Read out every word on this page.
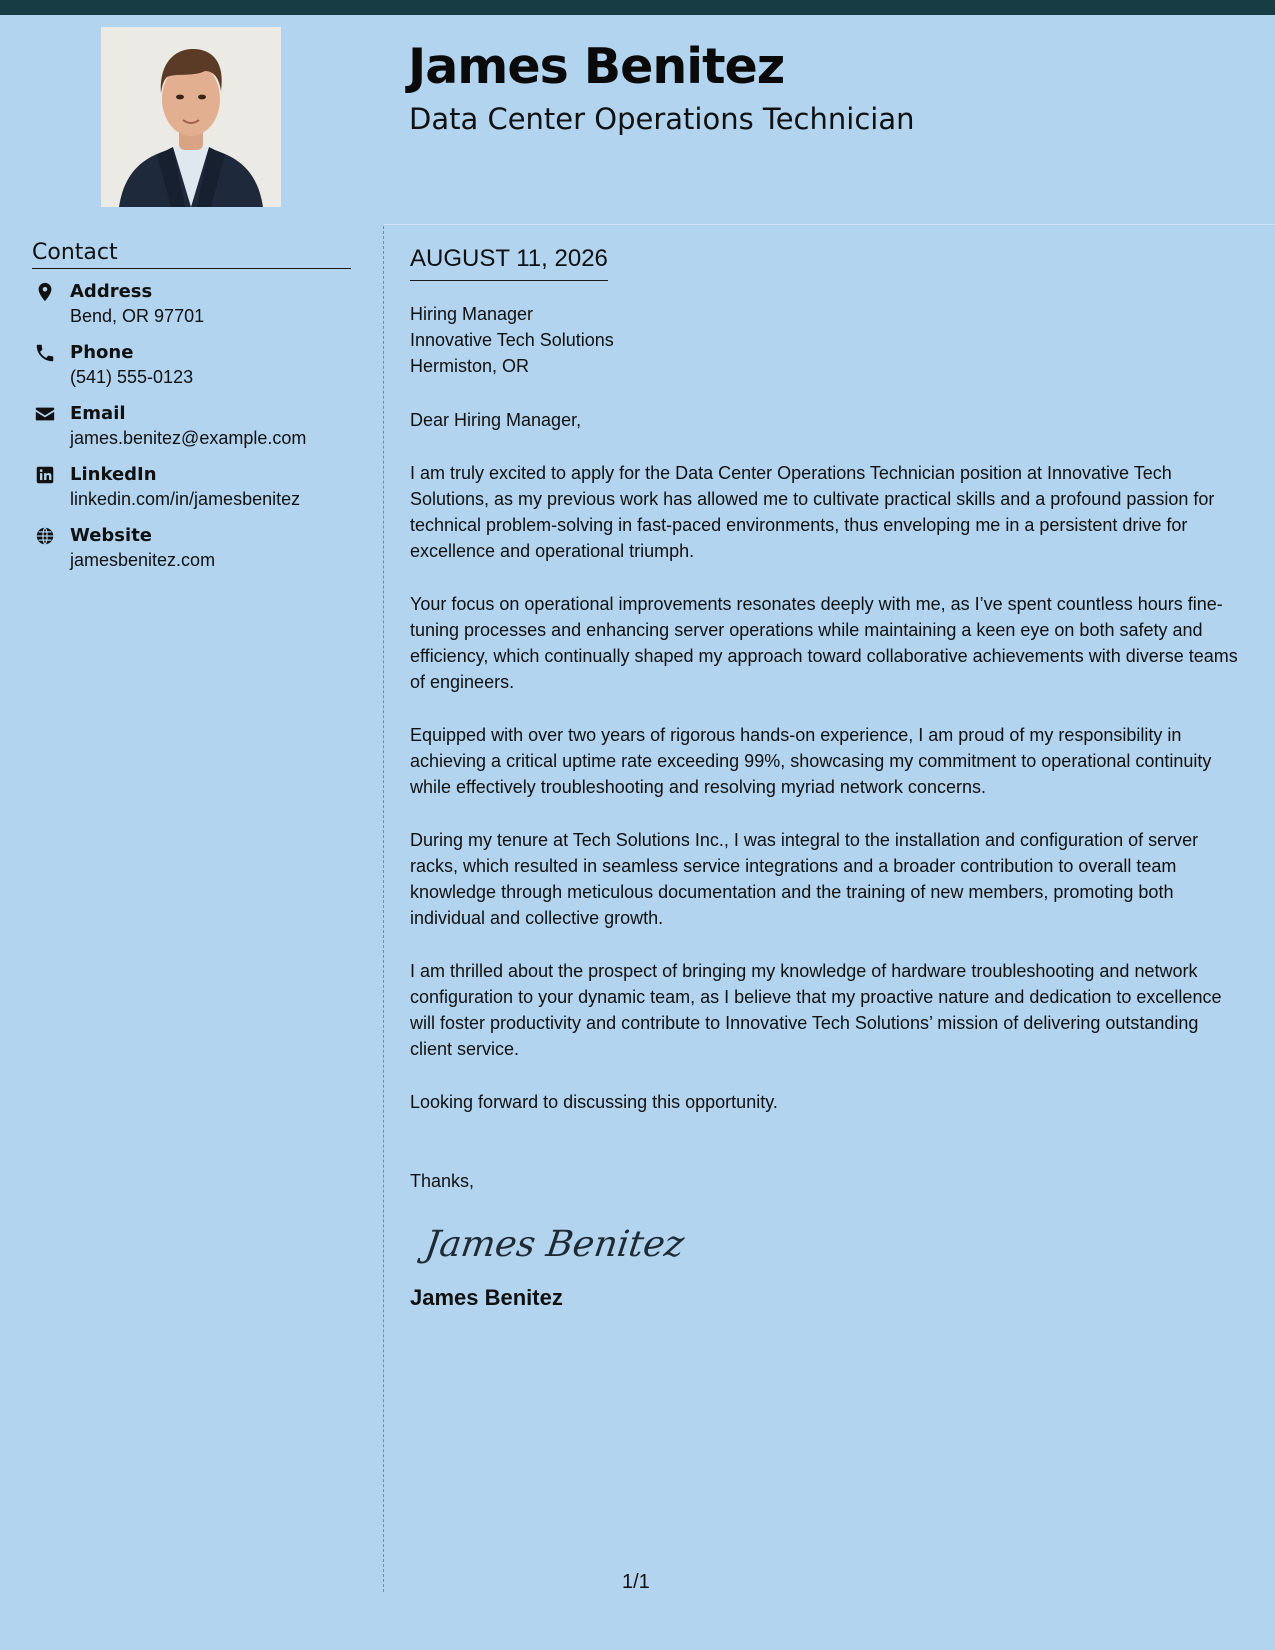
James Benitez
Data Center Operations Technician
Contact
Address
Bend, OR 97701
Phone
(541) 555-0123
Email
james.benitez@example.com
LinkedIn
linkedin.com/in/jamesbenitez
Website
jamesbenitez.com
AUGUST 11, 2026
Hiring Manager
Innovative Tech Solutions
Hermiston, OR

Dear Hiring Manager,

I am truly excited to apply for the Data Center Operations Technician position at Innovative Tech Solutions, as my previous work has allowed me to cultivate practical skills and a profound passion for technical problem-solving in fast-paced environments, thus enveloping me in a persistent drive for excellence and operational triumph.

Your focus on operational improvements resonates deeply with me, as I’ve spent countless hours fine-tuning processes and enhancing server operations while maintaining a keen eye on both safety and efficiency, which continually shaped my approach toward collaborative achievements with diverse teams of engineers.

Equipped with over two years of rigorous hands-on experience, I am proud of my responsibility in achieving a critical uptime rate exceeding 99%, showcasing my commitment to operational continuity while effectively troubleshooting and resolving myriad network concerns.

During my tenure at Tech Solutions Inc., I was integral to the installation and configuration of server racks, which resulted in seamless service integrations and a broader contribution to overall team knowledge through meticulous documentation and the training of new members, promoting both individual and collective growth.

I am thrilled about the prospect of bringing my knowledge of hardware troubleshooting and network configuration to your dynamic team, as I believe that my proactive nature and dedication to excellence will foster productivity and contribute to Innovative Tech Solutions’ mission of delivering outstanding client service.

Looking forward to discussing this opportunity.

Thanks,
James Benitez
James Benitez
1/1
